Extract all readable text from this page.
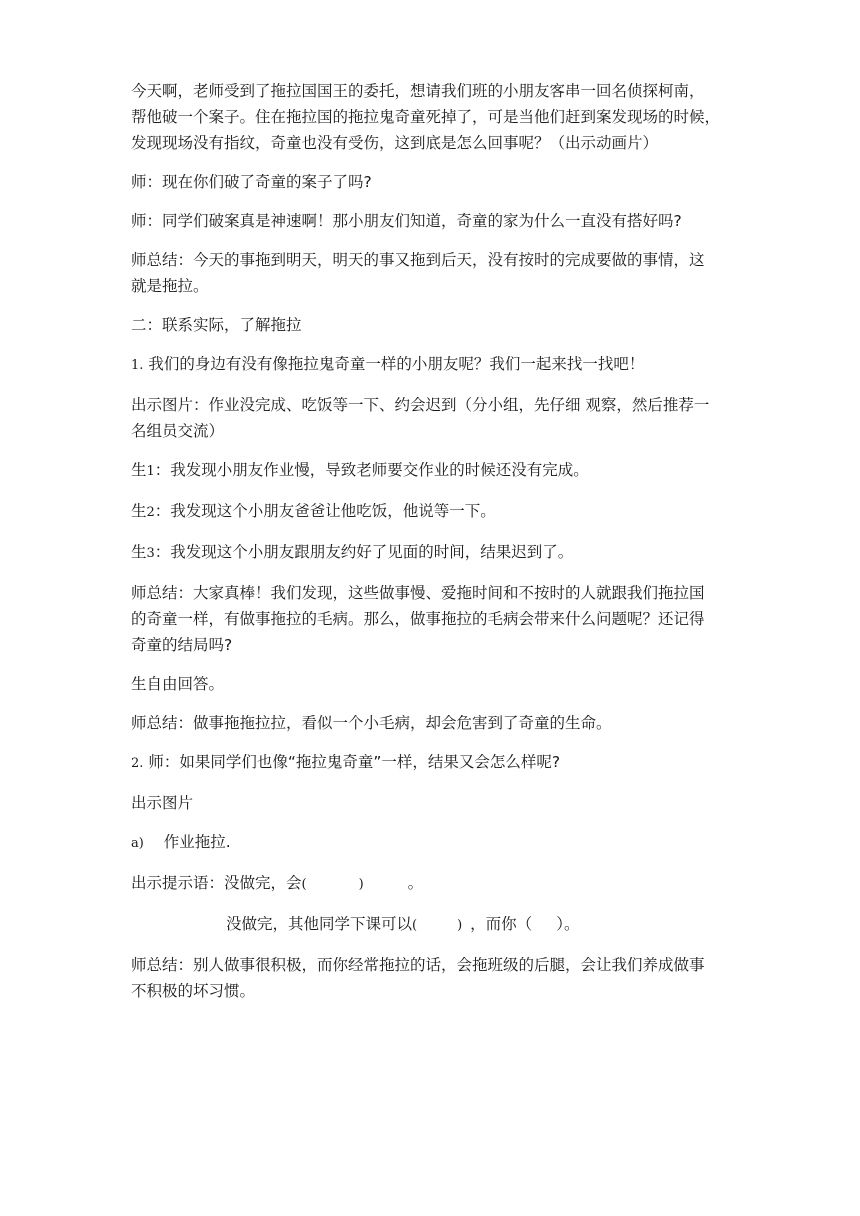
今天啊，老师受到了拖拉国国王的委托，想请我们班的小朋友客串一回名侦探柯南，
帮他破一个案子。住在拖拉国的拖拉鬼奇童死掉了，可是当他们赶到案发现场的时候，
发现现场没有指纹，奇童也没有受伤，这到底是怎么回事呢？（出示动画片）
师：现在你们破了奇童的案子了吗?
师：同学们破案真是神速啊！那小朋友们知道，奇童的家为什么一直没有搭好吗?
师总结：今天的事拖到明天，明天的事又拖到后天，没有按时的完成要做的事情，这
就是拖拉。
二：联系实际，了解拖拉
1. 我们的身边有没有像拖拉鬼奇童一样的小朋友呢？我们一起来找一找吧！
出示图片：作业没完成、吃饭等一下、约会迟到（分小组，先仔细 观察，然后推荐一
名组员交流）
生1：我发现小朋友作业慢，导致老师要交作业的时候还没有完成。
生2：我发现这个小朋友爸爸让他吃饭，他说等一下。
生3：我发现这个小朋友跟朋友约好了见面的时间，结果迟到了。
师总结：大家真棒！我们发现，这些做事慢、爱拖时间和不按时的人就跟我们拖拉国
的奇童一样，有做事拖拉的毛病。那么，做事拖拉的毛病会带来什么问题呢？还记得
奇童的结局吗?
生自由回答。
师总结：做事拖拖拉拉，看似一个小毛病，却会危害到了奇童的生命。
2. 师：如果同学们也像“拖拉鬼奇童”一样，结果又会怎么样呢?
出示图片
a) 作业拖拉.
出示提示语：没做完，会(	)	。
没做完，其他同学下课可以(	) ，而你（ ）。
师总结：别人做事很积极，而你经常拖拉的话，会拖班级的后腿，会让我们养成做事
不积极的坏习惯。
